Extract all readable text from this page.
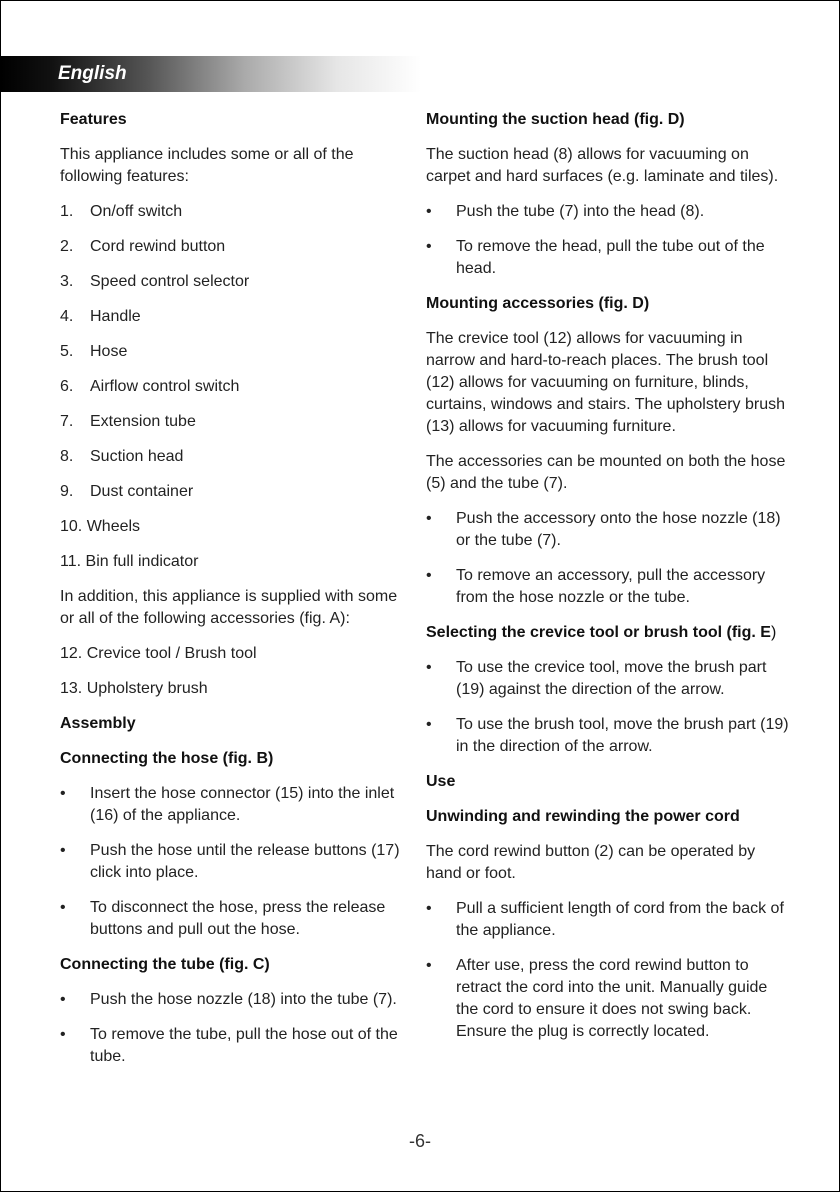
English
Features

This appliance includes some or all of the following features:

1.	On/off switch
2.	Cord rewind button
3.	Speed control selector
4.	Handle
5.	Hose
6.	Airflow control switch
7.	Extension tube
8.	Suction head
9.	Dust container
10.
Wheels
11.
Bin full indicator

In addition, this appliance is supplied with some or all of the following accessories (fig. A):

12.
Crevice tool / Brush tool
13.
Upholstery brush
Assembly
Connecting the hose (fig. B)
•	Insert the hose connector (15) into the inlet (16) of the appliance.
•	Push the hose until the release buttons (17) click into place.
•	To disconnect the hose, press the release buttons and pull out the hose.
Connecting the tube (fig. C)
•	Push the hose nozzle (18) into the tube (7).
•	To remove the tube, pull the hose out of the tube.
Mounting the suction head (fig. D)

The suction head (8) allows for vacuuming on carpet and hard surfaces (e.g. laminate and tiles).

•	Push the tube (7) into the head (8).
•	To remove the head, pull the tube out of the head.
Mounting accessories (fig. D)

The crevice tool (12) allows for vacuuming in narrow and hard-to-reach places. The brush tool (12) allows for vacuuming on furniture, blinds, curtains, windows and stairs. The upholstery brush (13) allows for vacuuming furniture.

The accessories can be mounted on both the hose (5) and the tube (7).

•	Push the accessory onto the hose nozzle (18) or the tube (7).
•	To remove an accessory, pull the accessory from the hose nozzle or the tube.
Selecting the crevice tool or brush tool (fig. E)
•	To use the crevice tool, move the brush part (19) against the direction of the arrow.
•	To use the brush tool, move the brush part (19) in the direction of the arrow.
Use
Unwinding and rewinding the power cord

The cord rewind button (2) can be operated by hand or foot.

•	Pull a sufficient length of cord from the back of the appliance.
•	After use, press the cord rewind button to retract the cord into the unit. Manually guide the cord to ensure it does not swing back. Ensure the plug is correctly located.
-6-
